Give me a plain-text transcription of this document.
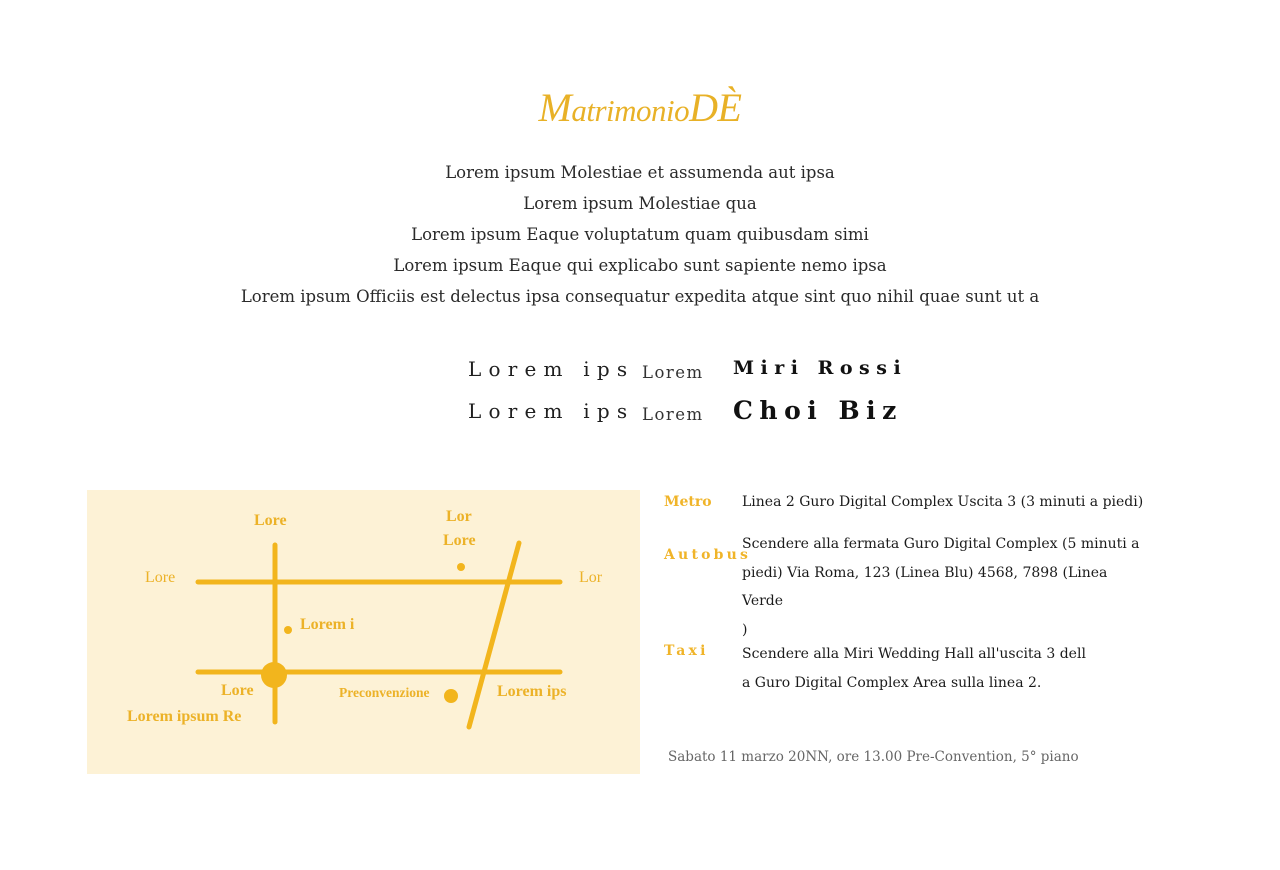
MatrimonioDÈ
Lorem ipsum Molestiae et assumenda aut ipsa
Lorem ipsum Molestiae qua
Lorem ipsum Eaque voluptatum quam quibusdam simi
Lorem ipsum Eaque qui explicabo sunt sapiente nemo ipsa
Lorem ipsum Officiis est delectus ipsa consequatur expedita atque sint quo nihil quae sunt ut a
Lorem ips Lorem Miri Rossi
Lorem ips Lorem Choi Biz
Lore	Lor
Lore
Lore	Lor
Lorem i
Lore
Lorem ipsum Re
Preconvenzione	Lorem ips
Metro Linea 2 Guro Digital Complex Uscita 3 (3 minuti a piedi)
Autobus
Scendere alla fermata Guro Digital Complex (5 minuti a
piedi) Via Roma, 123 (Linea Blu) 4568, 7898 (Linea Verde
)
Taxi Scendere alla Miri Wedding Hall all'uscita 3 dell
a Guro Digital Complex Area sulla linea 2.
Sabato 11 marzo 20NN, ore 13.00 Pre-Convention, 5° piano
